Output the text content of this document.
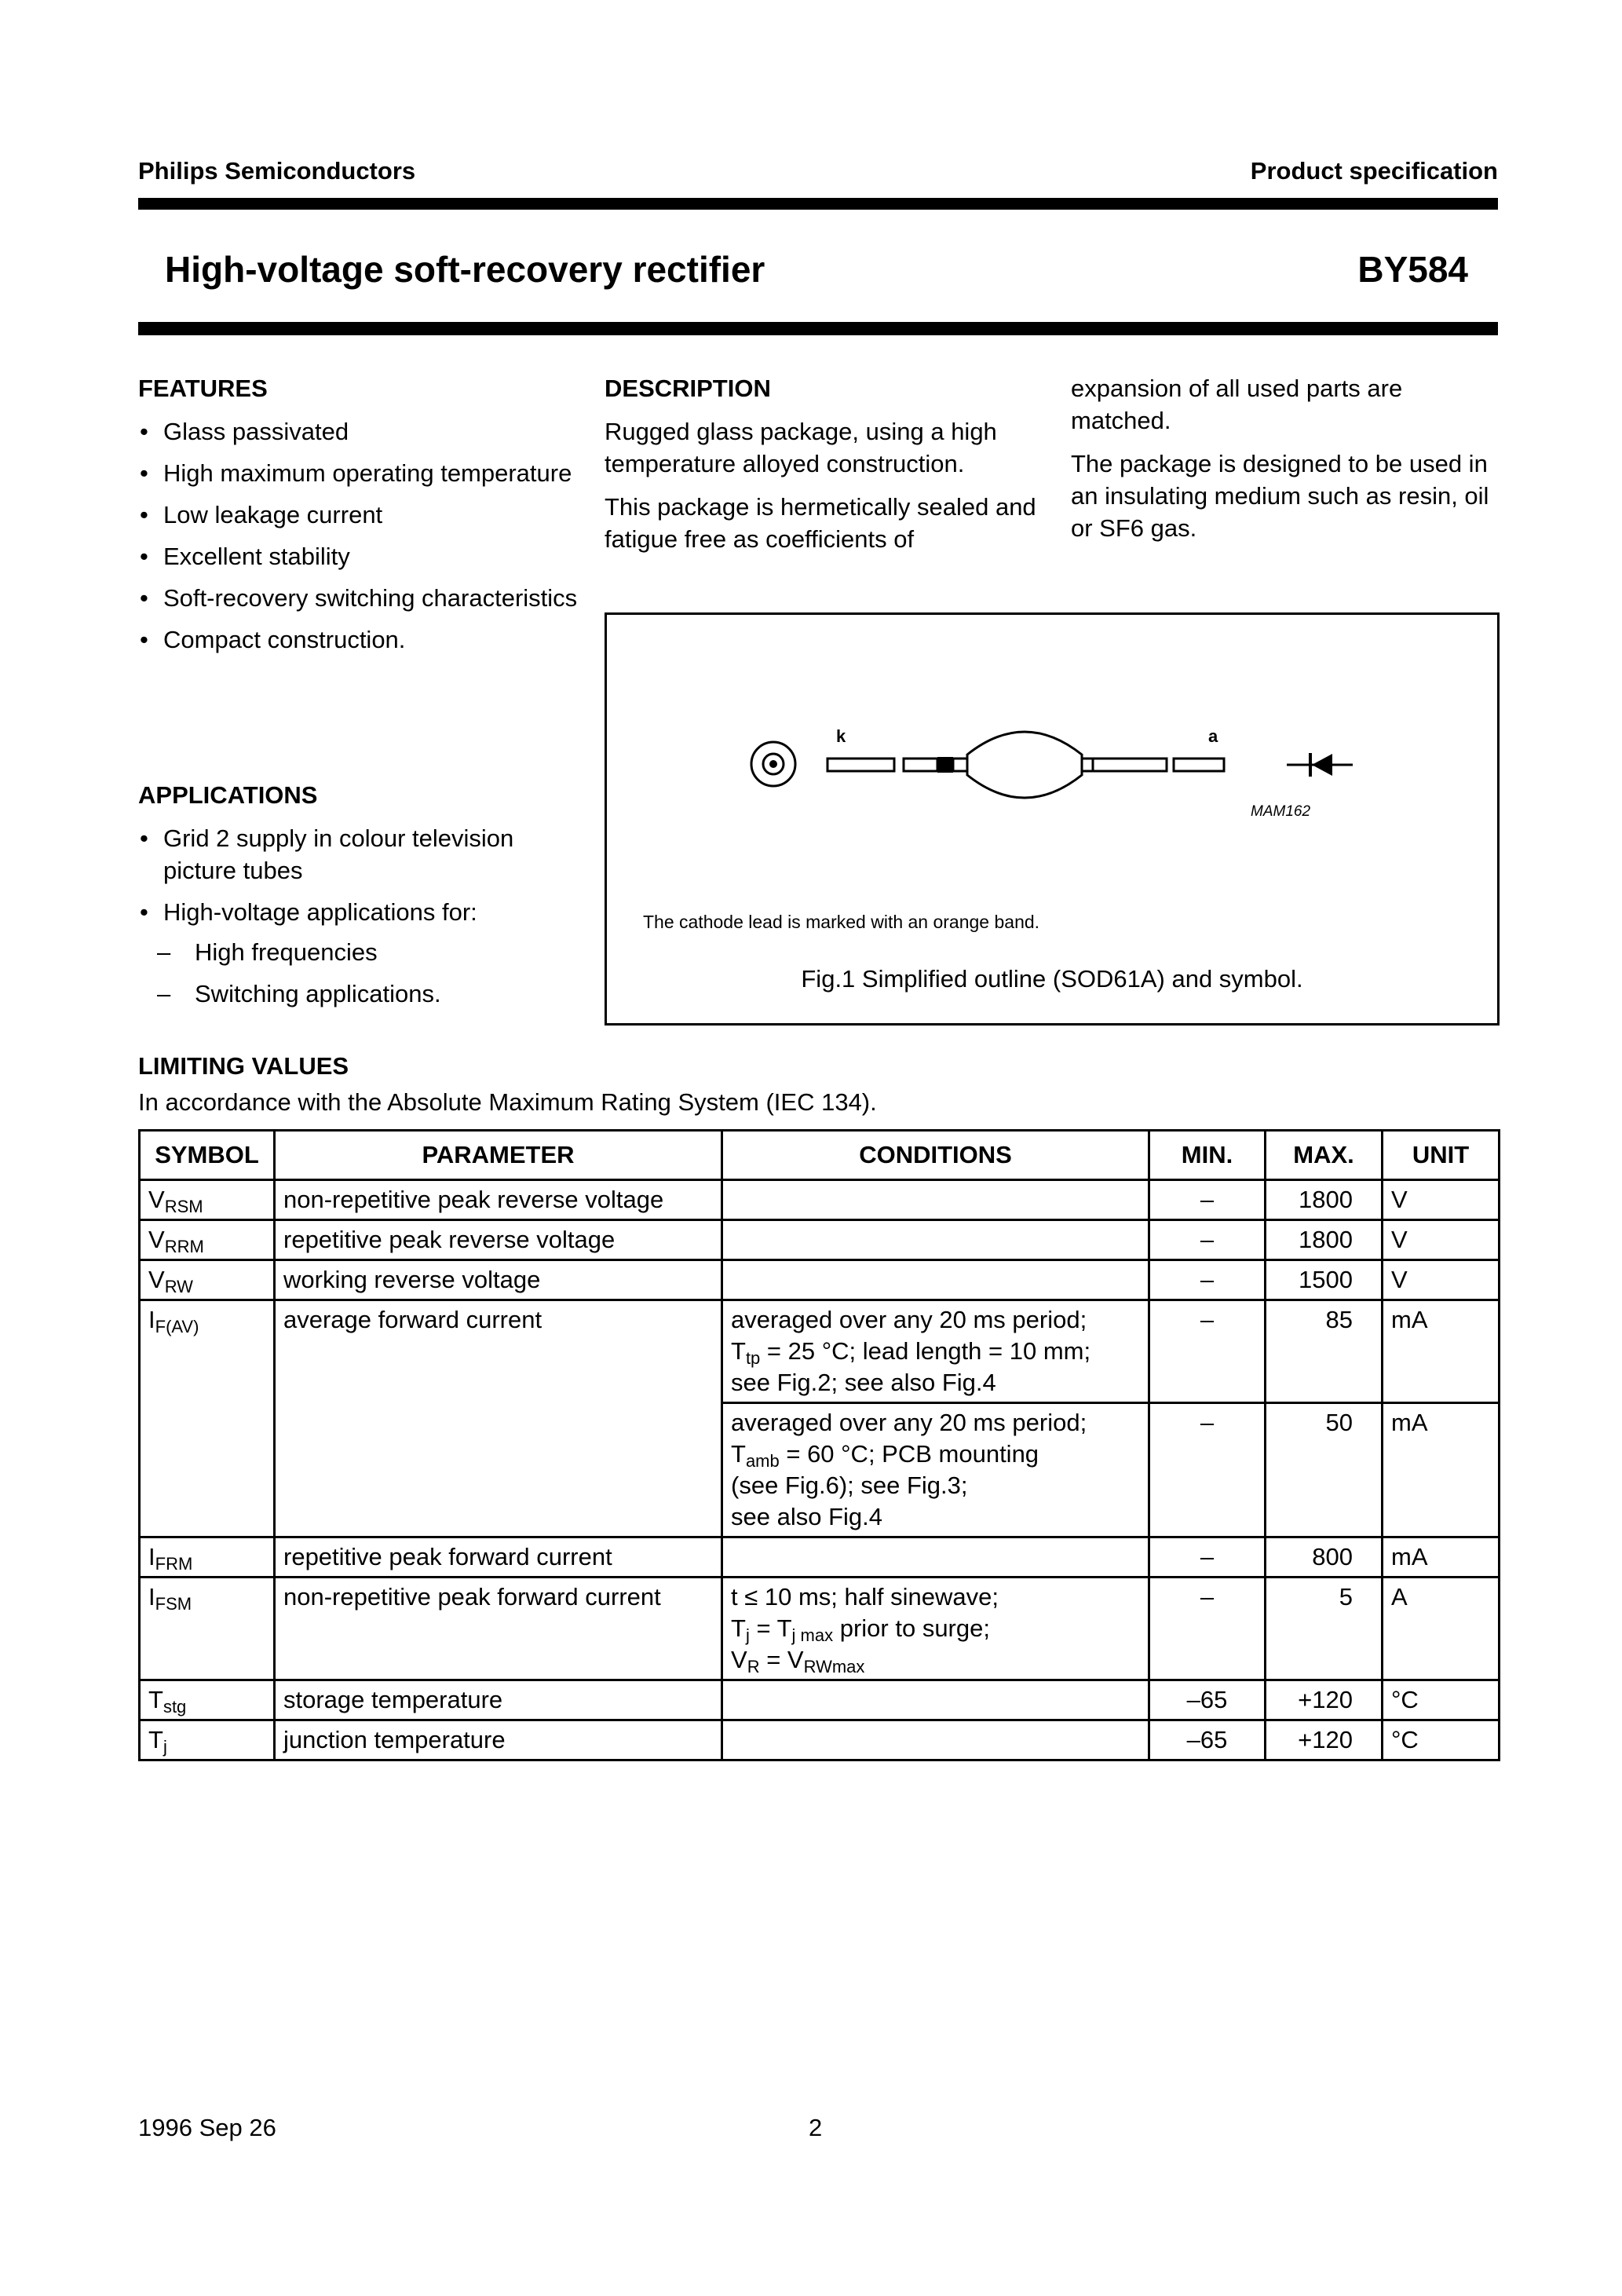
Philips Semiconductors	Product specification
High-voltage soft-recovery rectifier	BY584
FEATURES
• Glass passivated
• High maximum operating temperature
• Low leakage current
• Excellent stability
• Soft-recovery switching characteristics
• Compact construction.
APPLICATIONS
• Grid 2 supply in colour television picture tubes
• High-voltage applications for:
– High frequencies
– Switching applications.
DESCRIPTION

Rugged glass package, using a high temperature alloyed construction.

This package is hermetically sealed and fatigue free as coefficients of

expansion of all used parts are matched.

The package is designed to be used in an insulating medium such as resin, oil or SF6 gas.

k	a
MAM162
The cathode lead is marked with an orange band.
Fig.1 Simplified outline (SOD61A) and symbol.
LIMITING VALUES
In accordance with the Absolute Maximum Rating System (IEC 134).
SYMBOL	PARAMETER	CONDITIONS	MIN.	MAX.	UNIT
$V_{RSM}$	non-repetitive peak reverse voltage		–	1800	V
$V_{RRM}$	repetitive peak reverse voltage		–	1800	V
$V_{RW}$	working reverse voltage		–	1500	V
$I_{F(AV)}$	average forward current	averaged over any 20 ms period;
$T_{tp} = 25$ °C; lead length = 10 mm;
see Fig.2; see also Fig.4	–	85	mA

		averaged over any 20 ms period;
$T_{amb} = 60$ °C; PCB mounting
(see Fig.6); see Fig.3;
see also Fig.4	–	50	mA
$I_{FRM}$	repetitive peak forward current		–	800	mA
$I_{FSM}$	non-repetitive peak forward current	t ≤ 10 ms; half sinewave;
$T_j = T_{j max}$ prior to surge;
$V_R = V_{RWmax}$	–	5	A
$T_{stg}$	storage temperature		–65	+120	°C
$T_j$	junction temperature		–65	+120	°C
1996 Sep 26	2
